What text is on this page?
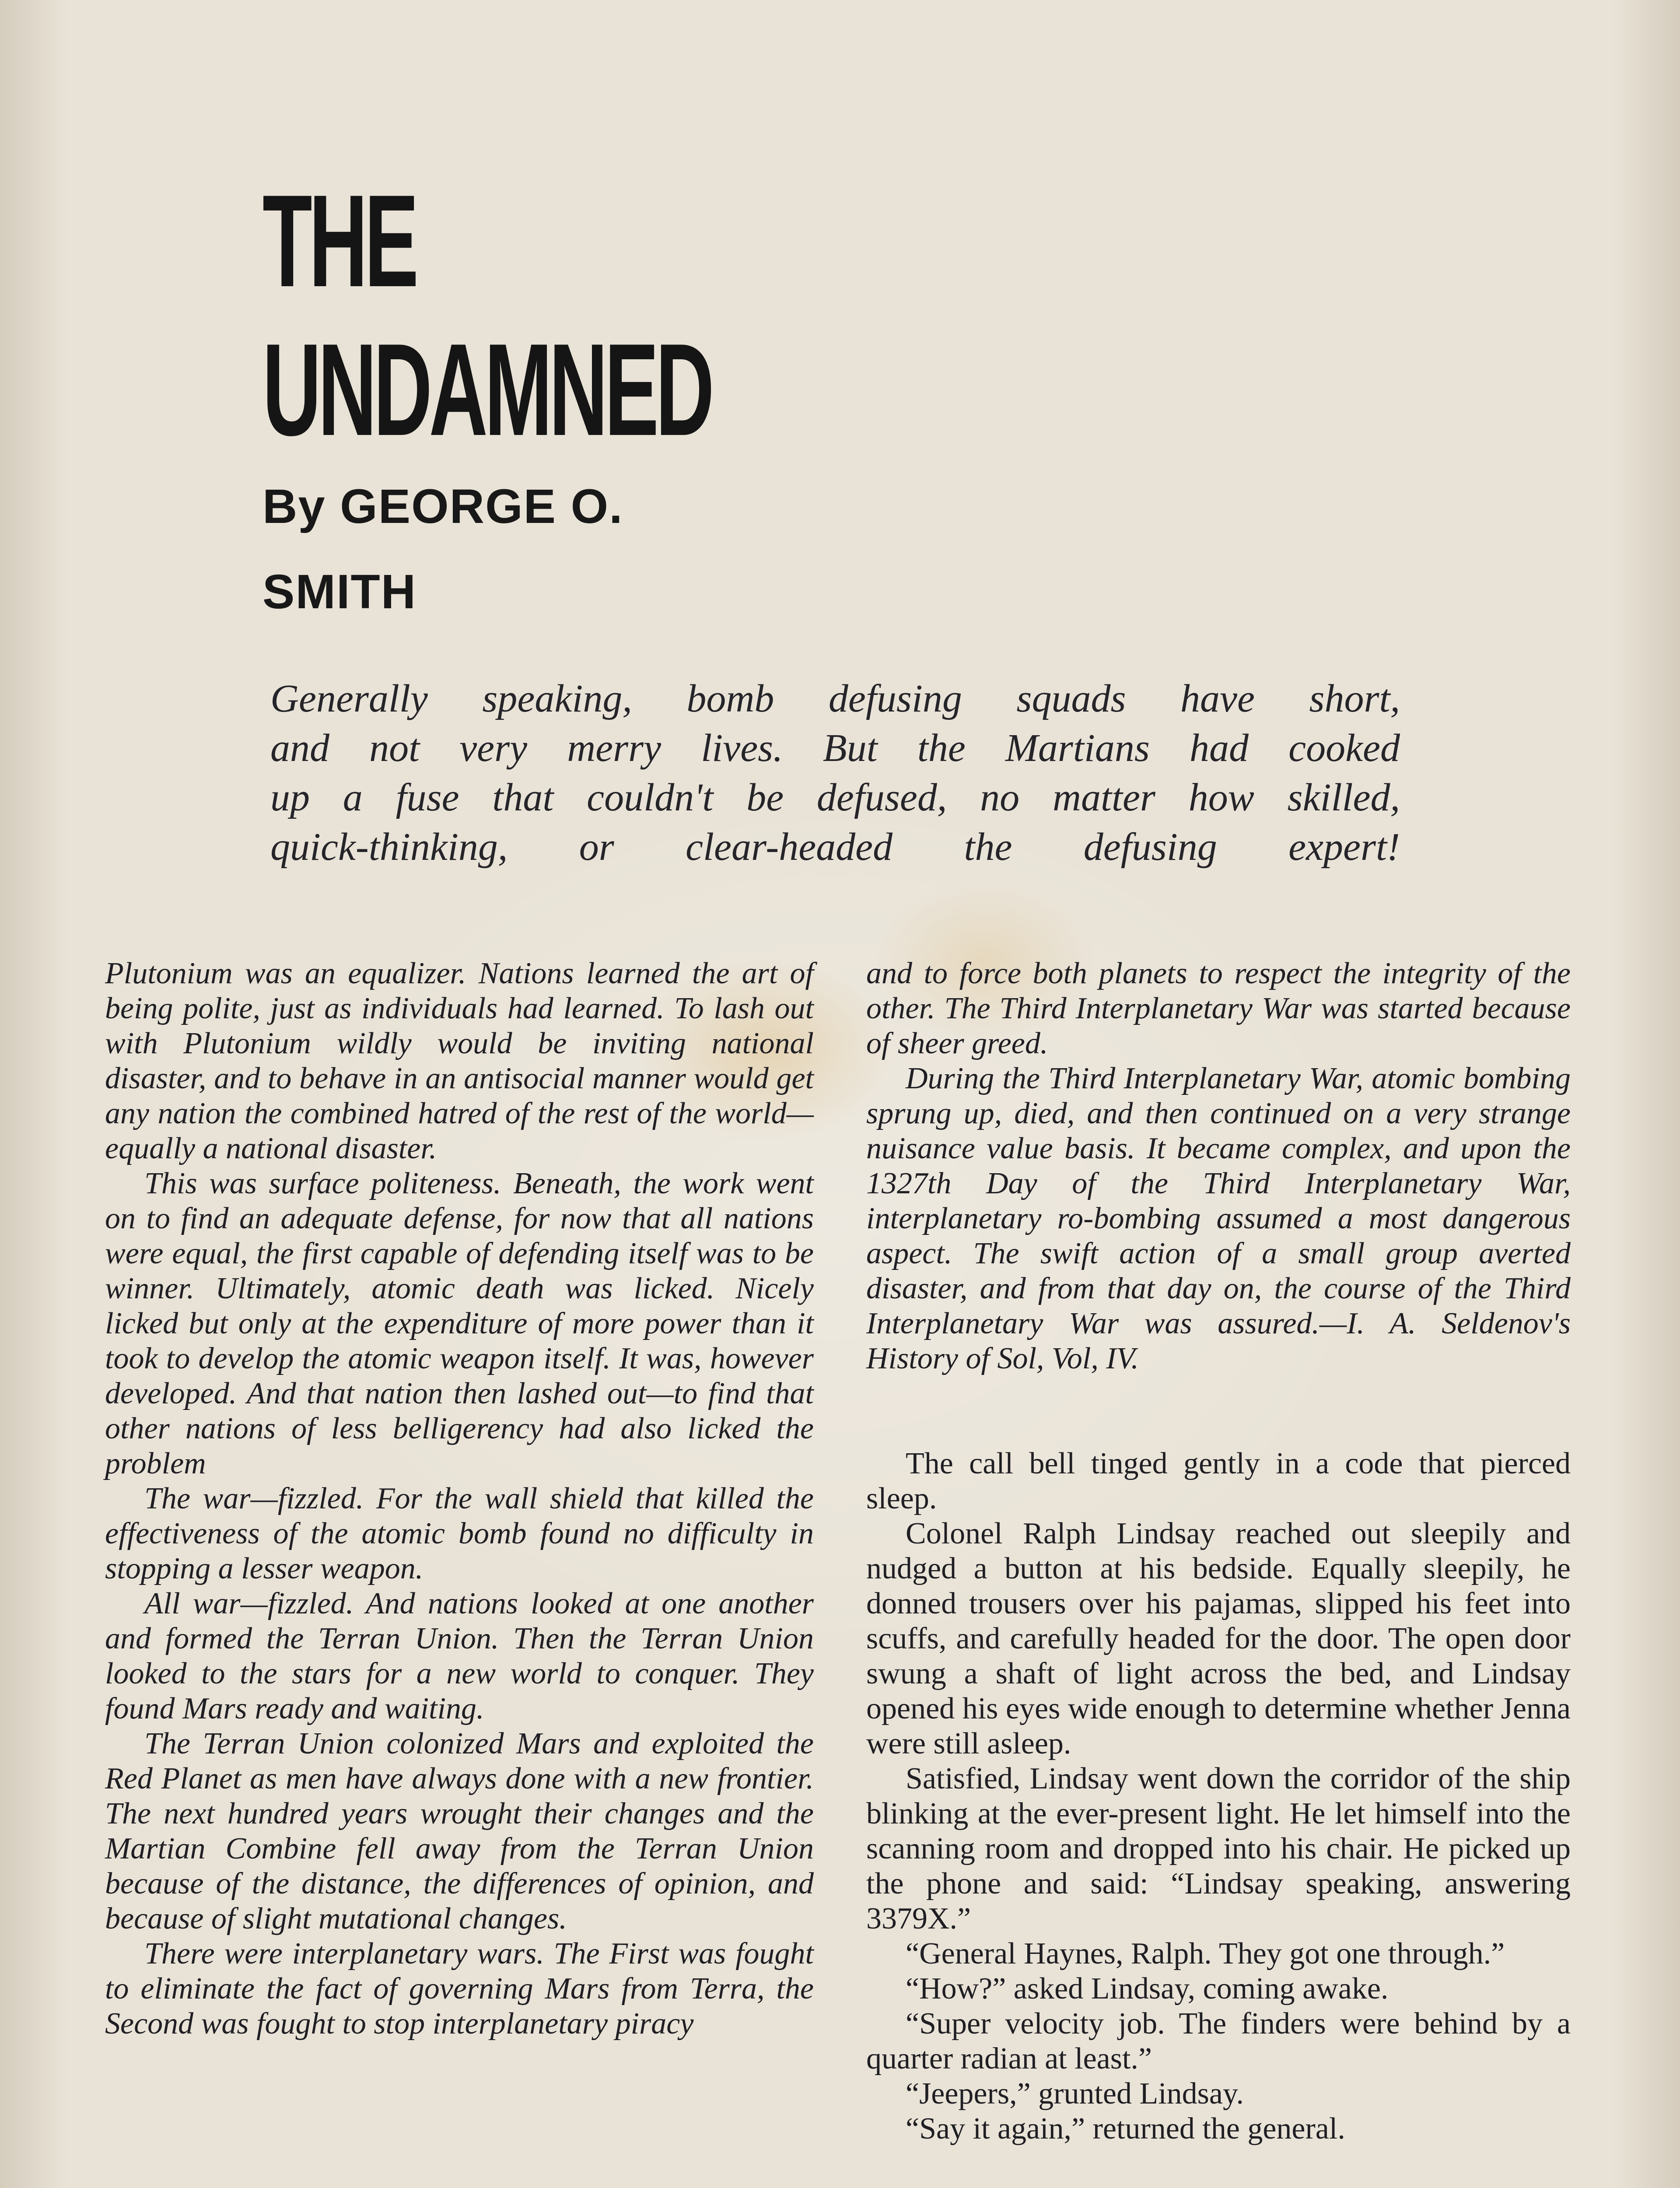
THE
UNDAMNED
By GEORGE O.
SMITH
Generally speaking, bomb defusing squads have short,
and not very merry lives. But the Martians had cooked
up a fuse that couldn't be defused, no matter how skilled,
quick-thinking, or clear-headed the defusing expert!

Plutonium was an equalizer. Nations learned the art of being polite, just as individuals had learned. To lash out with Plutonium wildly would be inviting national disaster, and to behave in an antisocial manner would get any nation the combined hatred of the rest of the world—equally a national disaster.

This was surface politeness. Beneath, the work went on to find an adequate defense, for now that all nations were equal, the first capable of defending itself was to be winner. Ultimately, atomic death was licked. Nicely licked but only at the expenditure of more power than it took to develop the atomic weapon itself. It was, however developed. And that nation then lashed out—to find that other nations of less belligerency had also licked the problem

The war—fizzled. For the wall shield that killed the effectiveness of the atomic bomb found no difficulty in stopping a lesser weapon.

All war—fizzled. And nations looked at one another and formed the Terran Union. Then the Terran Union looked to the stars for a new world to conquer. They found Mars ready and waiting.

The Terran Union colonized Mars and exploited the Red Planet as men have always done with a new frontier. The next hundred years wrought their changes and the Martian Combine fell away from the Terran Union because of the distance, the differences of opinion, and because of slight mutational changes.

There were interplanetary wars. The First was fought to eliminate the fact of governing Mars from Terra, the Second was fought to stop interplanetary piracy

and to force both planets to respect the integrity of the other. The Third Interplanetary War was started because of sheer greed.

During the Third Interplanetary War, atomic bombing sprung up, died, and then continued on a very strange nuisance value basis. It became complex, and upon the 1327th Day of the Third Interplanetary War, interplanetary ro-bombing assumed a most dangerous aspect. The swift action of a small group averted disaster, and from that day on, the course of the Third Interplanetary War was assured.—I. A. Seldenov's History of Sol, Vol, IV.

The call bell tinged gently in a code that pierced sleep.

Colonel Ralph Lindsay reached out sleepily and nudged a button at his bedside. Equally sleepily, he donned trousers over his pajamas, slipped his feet into scuffs, and carefully headed for the door. The open door swung a shaft of light across the bed, and Lindsay opened his eyes wide enough to determine whether Jenna were still asleep.

Satisfied, Lindsay went down the corridor of the ship blinking at the ever-present light. He let himself into the scanning room and dropped into his chair. He picked up the phone and said: “Lindsay speaking, answering 3379X.”

“General Haynes, Ralph. They got one through.”

“How?” asked Lindsay, coming awake.

“Super velocity job. The finders were behind by a quarter radian at least.”

“Jeepers,” grunted Lindsay.

“Say it again,” returned the general.
